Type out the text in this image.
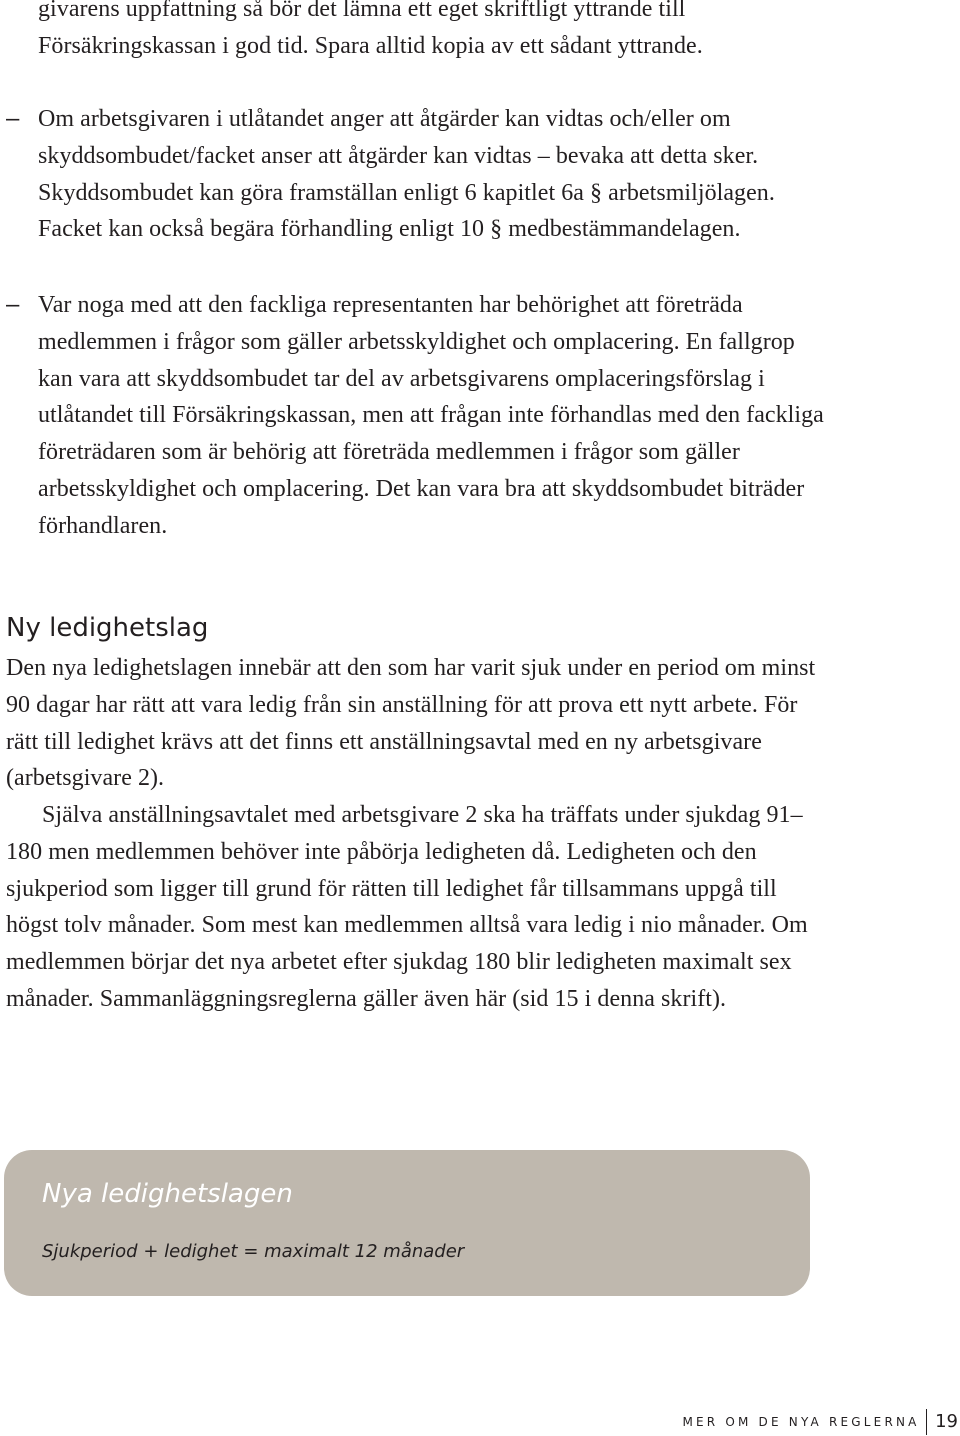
givarens uppfattning så bör det lämna ett eget skriftligt yttrande till Försäkringskassan i god tid. Spara alltid kopia av ett sådant yttrande.

– Om arbetsgivaren i utlåtandet anger att åtgärder kan vidtas och/eller om skyddsombudet/facket anser att åtgärder kan vidtas – bevaka att detta sker. Skyddsombudet kan göra framställan enligt 6 kapitlet 6a § arbetsmiljölagen. Facket kan också begära förhandling enligt 10 § medbestämmandelagen.

– Var noga med att den fackliga representanten har behörighet att företräda medlemmen i frågor som gäller arbetsskyldighet och omplacering. En fallgrop kan vara att skyddsombudet tar del av arbetsgivarens omplaceringsförslag i utlåtandet till Försäkringskassan, men att frågan inte förhandlas med den fackliga företrädaren som är behörig att företräda medlemmen i frågor som gäller arbetsskyldighet och omplacering. Det kan vara bra att skyddsombudet biträder förhandlaren.

Ny ledighetslag

Den nya ledighetslagen innebär att den som har varit sjuk under en period om minst 90 dagar har rätt att vara ledig från sin anställning för att prova ett nytt arbete. För rätt till ledighet krävs att det finns ett anställningsavtal med en ny arbetsgivare (arbetsgivare 2).

Själva anställningsavtalet med arbetsgivare 2 ska ha träffats under sjukdag 91–180 men medlemmen behöver inte påbörja ledigheten då. Ledigheten och den sjukperiod som ligger till grund för rätten till ledighet får tillsammans uppgå till högst tolv månader. Som mest kan medlemmen alltså vara ledig i nio månader. Om medlemmen börjar det nya arbetet efter sjukdag 180 blir ledigheten maximalt sex månader. Sammanläggningsreglerna gäller även här (sid 15 i denna skrift).

Nya ledighetslagen

Sjukperiod + ledighet = maximalt 12 månader

MER OM DE NYA REGLERNA 19
